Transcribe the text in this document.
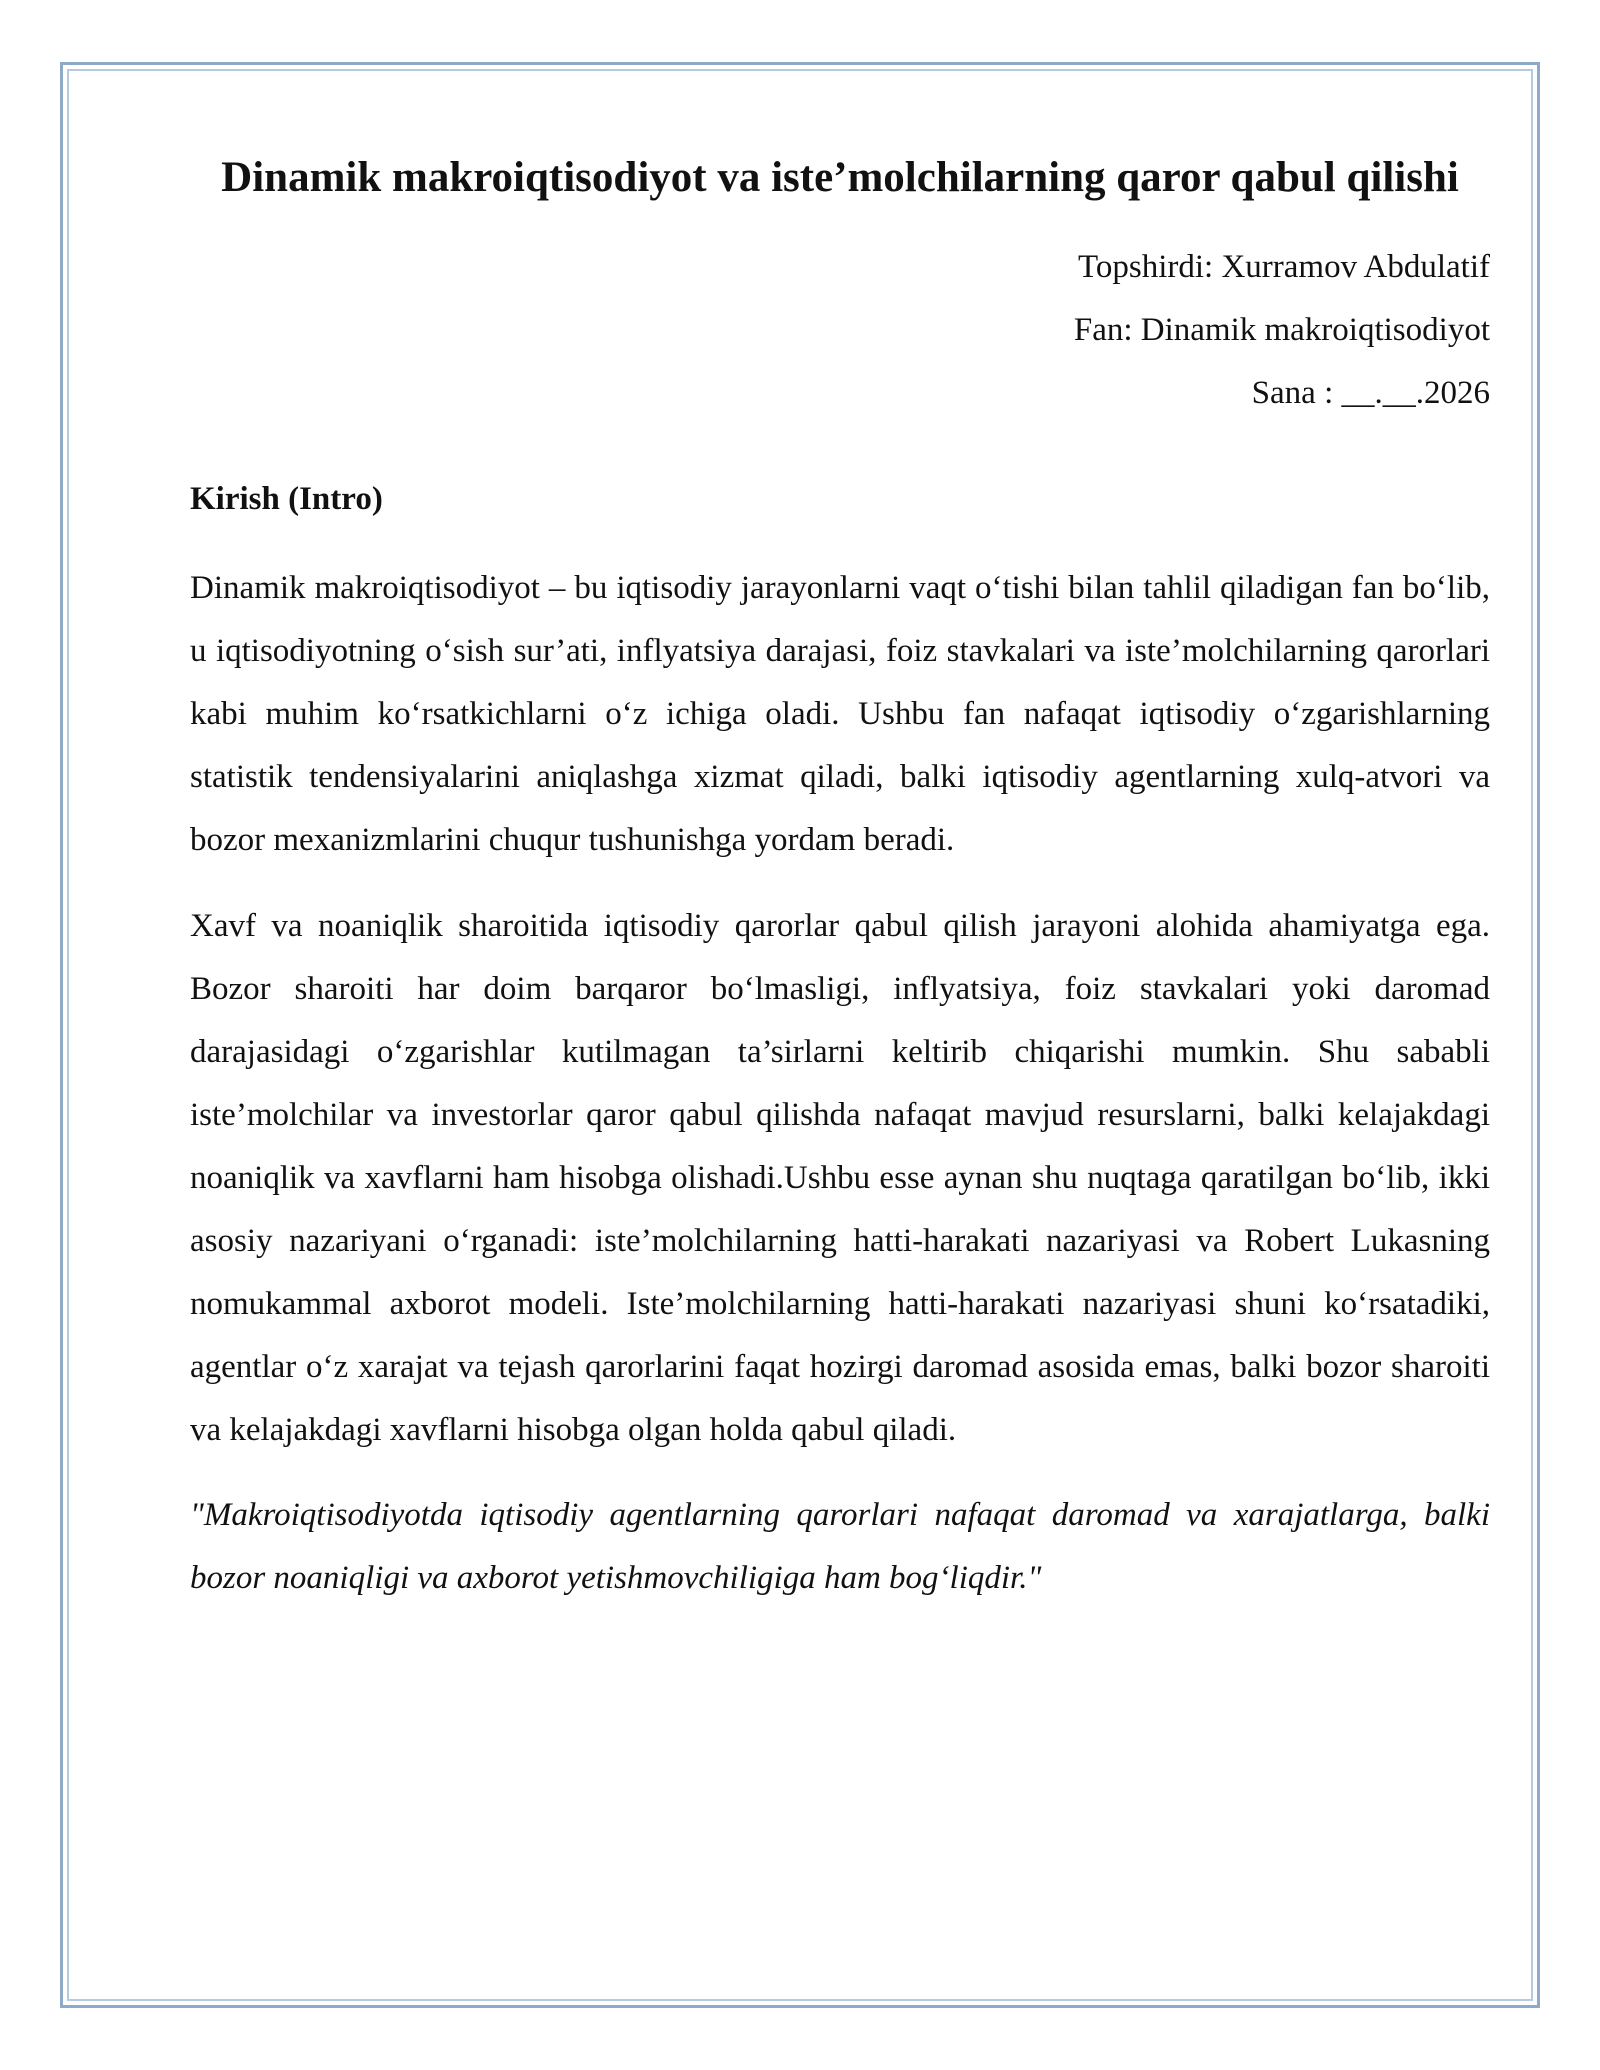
Dinamik makroiqtisodiyot va iste’molchilarning qaror qabul qilishi
Topshirdi: Xurramov Abdulatif
Fan: Dinamik makroiqtisodiyot
Sana : __.__.2026
Kirish (Intro)

Dinamik makroiqtisodiyot – bu iqtisodiy jarayonlarni vaqt o‘tishi bilan tahlil qiladigan fan bo‘lib, u iqtisodiyotning o‘sish sur’ati, inflyatsiya darajasi, foiz stavkalari va iste’molchilarning qarorlari kabi muhim ko‘rsatkichlarni o‘z ichiga oladi. Ushbu fan nafaqat iqtisodiy o‘zgarishlarning statistik tendensiyalarini aniqlashga xizmat qiladi, balki iqtisodiy agentlarning xulq-atvori va bozor mexanizmlarini chuqur tushunishga yordam beradi.

Xavf va noaniqlik sharoitida iqtisodiy qarorlar qabul qilish jarayoni alohida ahamiyatga ega. Bozor sharoiti har doim barqaror bo‘lmasligi, inflyatsiya, foiz stavkalari yoki daromad darajasidagi o‘zgarishlar kutilmagan ta’sirlarni keltirib chiqarishi mumkin. Shu sababli iste’molchilar va investorlar qaror qabul qilishda nafaqat mavjud resurslarni, balki kelajakdagi noaniqlik va xavflarni ham hisobga olishadi.Ushbu esse aynan shu nuqtaga qaratilgan bo‘lib, ikki asosiy nazariyani o‘rganadi: iste’molchilarning hatti-harakati nazariyasi va Robert Lukasning nomukammal axborot modeli. Iste’molchilarning hatti-harakati nazariyasi shuni ko‘rsatadiki, agentlar o‘z xarajat va tejash qarorlarini faqat hozirgi daromad asosida emas, balki bozor sharoiti va kelajakdagi xavflarni hisobga olgan holda qabul qiladi.

"Makroiqtisodiyotda iqtisodiy agentlarning qarorlari nafaqat daromad va xarajatlarga, balki bozor noaniqligi va axborot yetishmovchiligiga ham bog‘liqdir."
